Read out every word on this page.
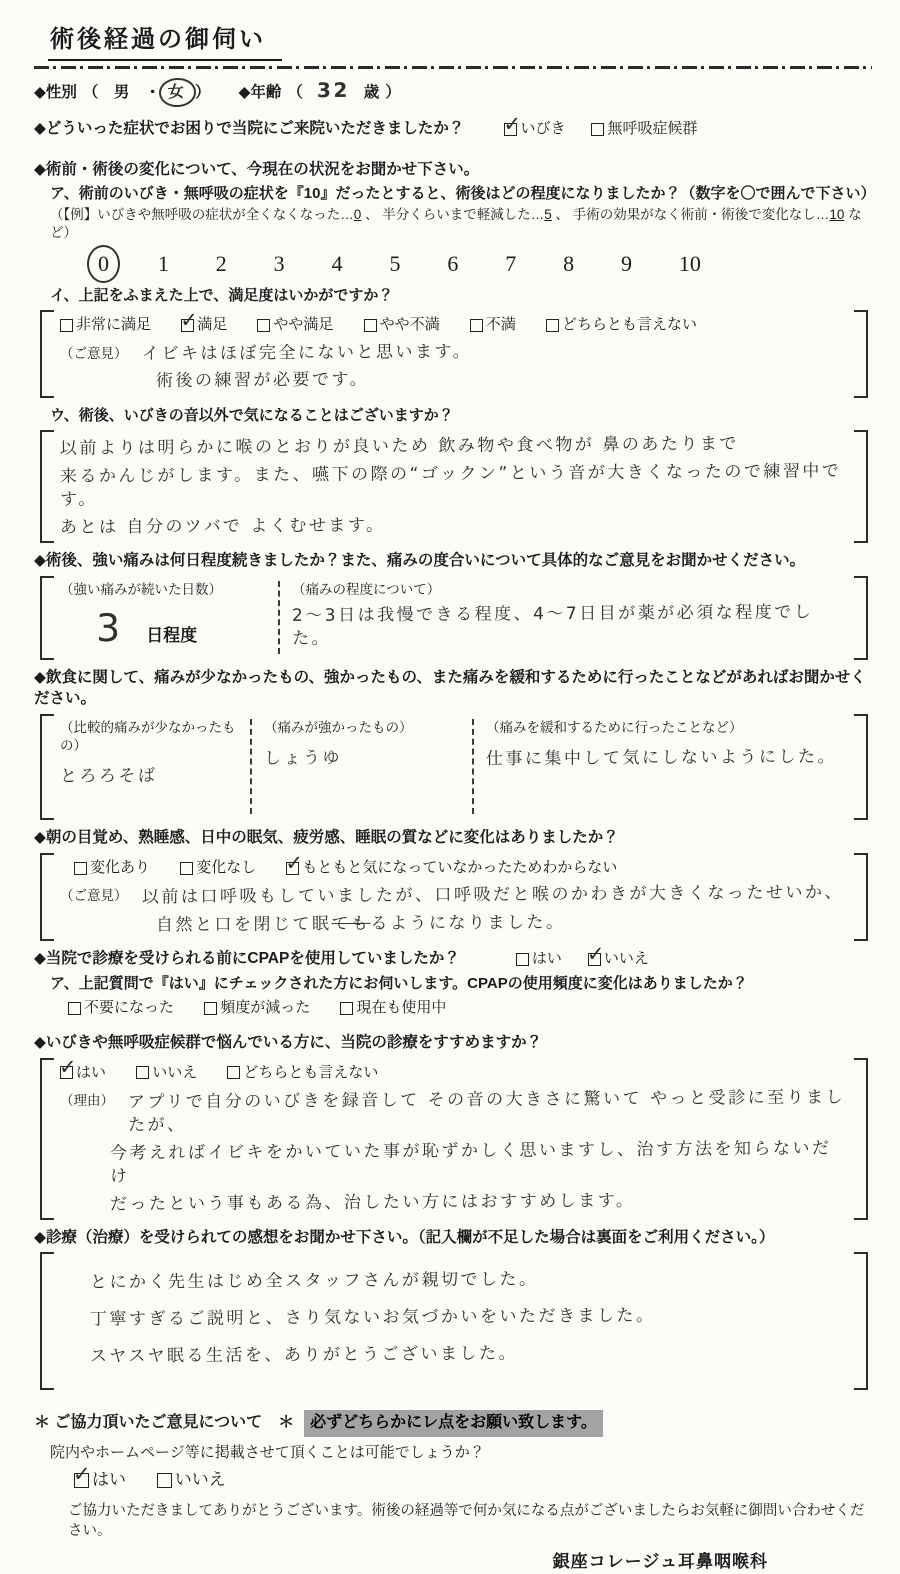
術後経過の御伺い
◆性別 （　男　・ 女 ） ◆年齢 （ 32 歳 ）
◆どういった症状でお困りで当院にご来院いただきましたか？ ✓ いびき	無呼吸症候群
◆術前・術後の変化について、今現在の状況をお聞かせ下さい。
ア、術前のいびき・無呼吸の症状を『10』だったとすると、術後はどの程度になりましたか？（数字を〇で囲んで下さい）
（【例】いびきや無呼吸の症状が全くなくなった…0 、 半分くらいまで軽減した…5 、 手術の効果がなく術前・術後で変化なし…10 など）
0	1 2 3 4 5 6 7 8 9 10
イ、上記をふまえた上で、満足度はいかがですか？
非常に満足
✓ 満足
	やや満足
	やや不満
	不満
	どちらとも言えない
（ご意見） イビキはほぼ完全にないと思います。
術後の練習が必要です。
ウ、術後、いびきの音以外で気になることはございますか？
以前よりは明らかに喉のとおりが良いため 飲み物や食べ物が 鼻のあたりまで
来るかんじがします。また、嚥下の際の“ゴックン”という音が大きくなったので練習中です。
あとは 自分のツバで よくむせます。
◆術後、強い痛みは何日程度続きましたか？また、痛みの度合いについて具体的なご意見をお聞かせください。
（強い痛みが続いた日数）
3 日程度
（痛みの程度について）
2〜3日は我慢できる程度、4〜7日目が薬が必須な程度でした。
◆飲食に関して、痛みが少なかったもの、強かったもの、また痛みを緩和するために行ったことなどがあればお聞かせください。
（比較的痛みが少なかったもの）
とろろそば
（痛みが強かったもの）
しょうゆ
（痛みを緩和するために行ったことなど）
仕事に集中して気にしないようにした。
◆朝の目覚め、熟睡感、日中の眠気、疲労感、睡眠の質などに変化はありましたか？
変化あり
	変化なし
✓ もともと気になっていなかったためわからない
（ご意見） 以前は口呼吸もしていましたが、口呼吸だと喉のかわきが大きくなったせいか、
自然と口を閉じて眠てもるようになりました。
◆当院で診療を受けられる前にCPAPを使用していましたか？	はい ✓ いいえ
ア、上記質問で『はい』にチェックされた方にお伺いします。CPAPの使用頻度に変化はありましたか？
不要になった
	頻度が減った
	現在も使用中
◆いびきや無呼吸症候群で悩んでいる方に、当院の診療をすすめますか？
✓ はい
	いいえ
	どちらとも言えない
（理由） アプリで自分のいびきを録音して その音の大きさに驚いて やっと受診に至りましたが、
今考えればイビキをかいていた事が恥ずかしく思いますし、治す方法を知らないだけ
だったという事もある為、治したい方にはおすすめします。
◆診療（治療）を受けられての感想をお聞かせ下さい。（記入欄が不足した場合は裏面をご利用ください。）
とにかく先生はじめ全スタッフさんが親切でした。
丁寧すぎるご説明と、さり気ないお気づかいをいただきました。
スヤスヤ眠る生活を、ありがとうございました。
＊ ご協力頂いたご意見について　＊	必ずどちらかにレ点をお願い致します。
院内やホームページ等に掲載させて頂くことは可能でしょうか？
✓ はい
	いいえ
ご協力いただきましてありがとうございます。術後の経過等で何か気になる点がございましたらお気軽に御問い合わせください。
銀座コレージュ耳鼻咽喉科
